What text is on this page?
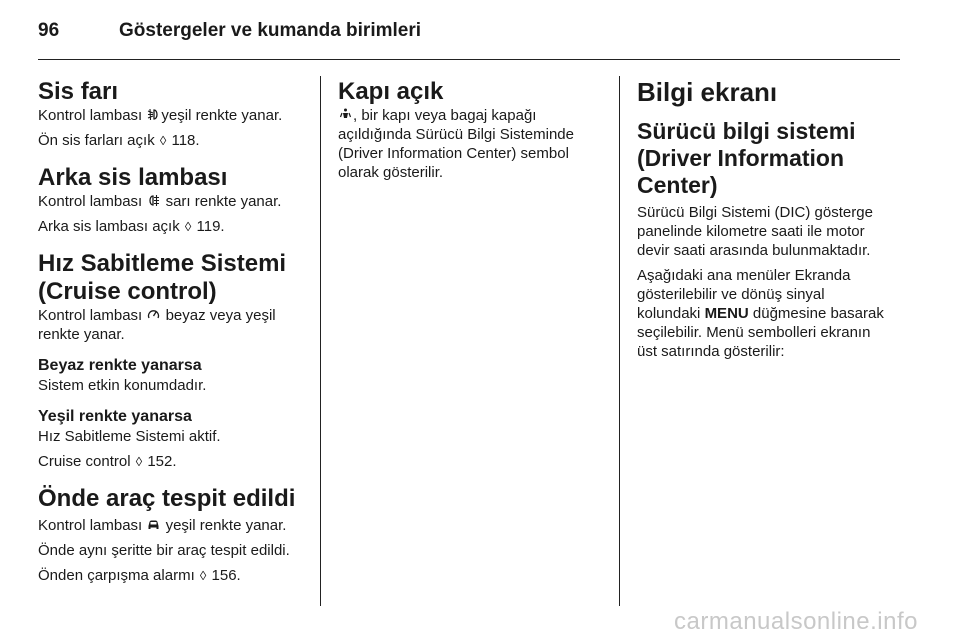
96	Göstergeler ve kumanda birimleri
Sis farı

Kontrol lambası yeşil renkte yanar.

Ön sis farları açık ◊ 118.

Arka sis lambası

Kontrol lambası sarı renkte yanar.

Arka sis lambası açık ◊ 119.

Hız Sabitleme Sistemi
(Cruise control)

Kontrol lambası beyaz veya yeşil

renkte yanar.

Beyaz renkte yanarsa

Sistem etkin konumdadır.

Yeşil renkte yanarsa

Hız Sabitleme Sistemi aktif.

Cruise control ◊ 152.

Önde araç tespit edildi

Kontrol lambası yeşil renkte yanar.

Önde aynı şeritte bir araç tespit edildi.

Önden çarpışma alarmı ◊ 156.

Kapı açık

, bir kapı veya bagaj kapağı

açıldığında Sürücü Bilgi Sisteminde

(Driver Information Center) sembol

olarak gösterilir.

Bilgi ekranı
Sürücü bilgi sistemi
(Driver Information Center)

Sürücü Bilgi Sistemi (DIC) gösterge

panelinde kilometre saati ile motor

devir saati arasında bulunmaktadır.

Aşağıdaki ana menüler Ekranda

gösterilebilir ve dönüş sinyal

kolundaki MENU düğmesine basarak

seçilebilir. Menü sembolleri ekranın

üst satırında gösterilir:

carmanualsonline.info
